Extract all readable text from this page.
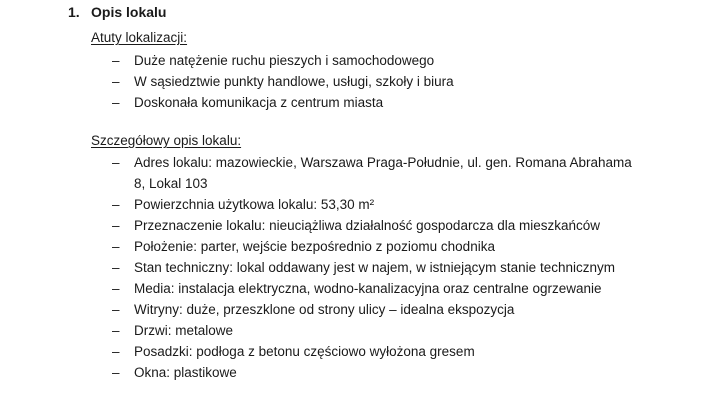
1. Opis lokalu
Atuty lokalizacji:
– Duże natężenie ruchu pieszych i samochodowego
– W sąsiedztwie punkty handlowe, usługi, szkoły i biura
– Doskonała komunikacja z centrum miasta
Szczegółowy opis lokalu:
– Adres lokalu: mazowieckie, Warszawa Praga-Południe, ul. gen. Romana Abrahama
8, Lokal 103
– Powierzchnia użytkowa lokalu: 53,30 m²
– Przeznaczenie lokalu: nieuciążliwa działalność gospodarcza dla mieszkańców
– Położenie: parter, wejście bezpośrednio z poziomu chodnika
– Stan techniczny: lokal oddawany jest w najem, w istniejącym stanie technicznym
– Media: instalacja elektryczna, wodno-kanalizacyjna oraz centralne ogrzewanie
– Witryny: duże, przeszklone od strony ulicy – idealna ekspozycja
– Drzwi: metalowe
– Posadzki: podłoga z betonu częściowo wyłożona gresem
– Okna: plastikowe
